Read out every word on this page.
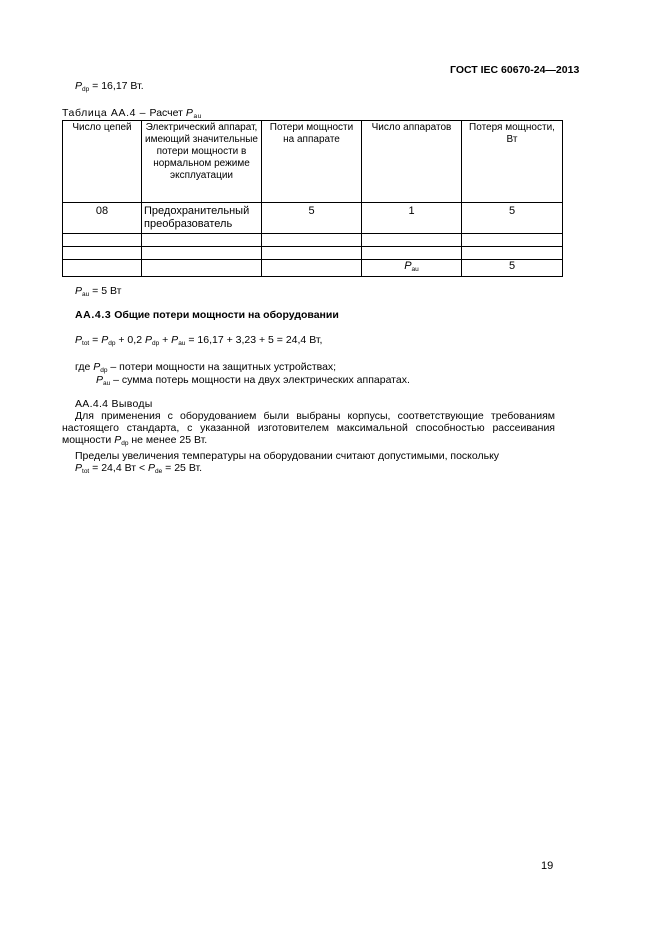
ГОСТ IEC 60670-24—2013
$P_{dp} = 16,17$ Вт.
Таблица АА.4 – Расчет $P_{au}$
Число цепей	Электрический аппарат, имеющий значительные потери мощности в нормальном режиме эксплуатации	Потери мощности на аппарате	Число аппаратов	Потеря мощности, Вт
08	Предохранительный преобразователь	5	1	5

			$P_{au}$	5
$P_{au} = 5$ Вт
АА.4.3 Общие потери мощности на оборудовании
$P_{tot} = P_{dp} + 0,2$ $P_{dp} + P_{au} = 16,17 + 3,23 + 5 = 24,4$ Вт,
где $P_{dp}$ – потери мощности на защитных устройствах;
$P_{au}$ – сумма потерь мощности на двух электрических аппаратах.
АА.4.4 Выводы
Для применения с оборудованием были выбраны корпусы, соответствующие требованиям настоящего стандарта, с указанной изготовителем максимальной способностью рассеивания мощности $P_{dp}$ не менее 25 Вт.
Пределы увеличения температуры на оборудовании считают допустимыми, поскольку
$P_{tot} = 24,4$ Вт < $P_{de} = 25$ Вт.
19
